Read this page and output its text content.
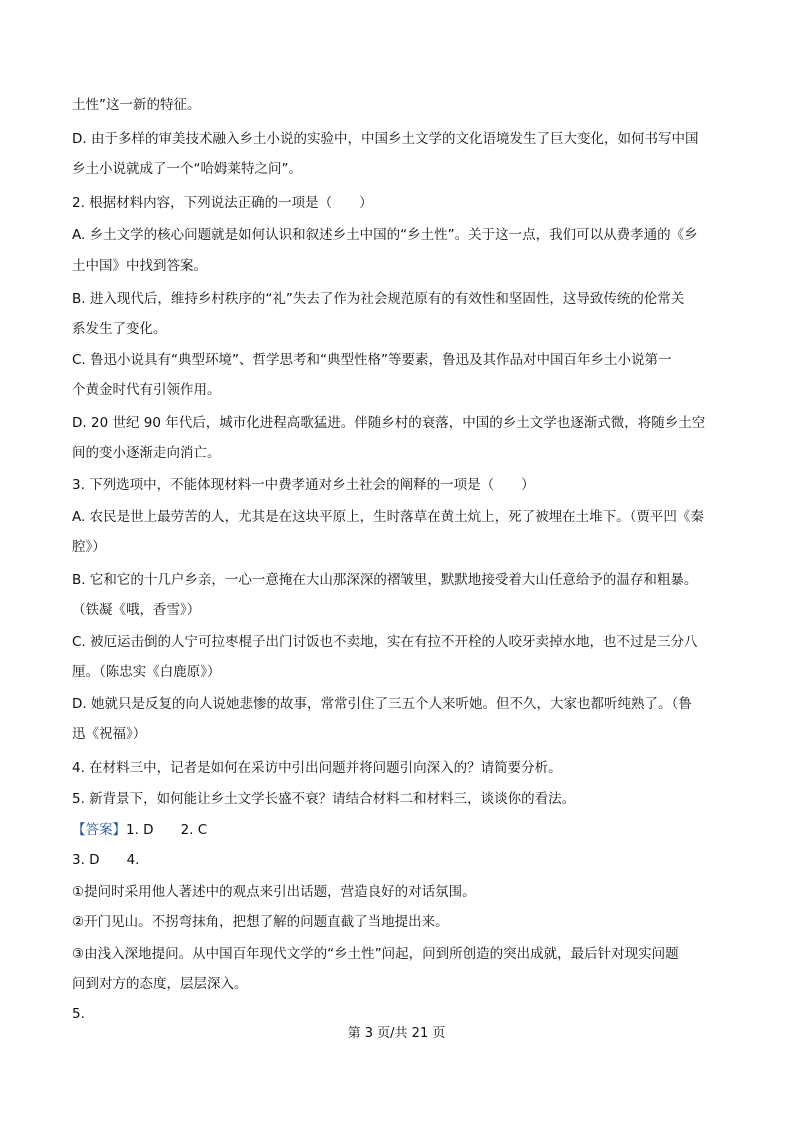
土性”这一新的特征。
D. 由于多样的审美技术融入乡土小说的实验中，中国乡土文学的文化语境发生了巨大变化，如何书写中国
乡土小说就成了一个“哈姆莱特之问”。
2. 根据材料内容，下列说法正确的一项是（　　）
A. 乡土文学的核心问题就是如何认识和叙述乡土中国的“乡土性”。关于这一点，我们可以从费孝通的《乡
土中国》中找到答案。
B. 进入现代后，维持乡村秩序的“礼”失去了作为社会规范原有的有效性和坚固性，这导致传统的伦常关
系发生了变化。
C. 鲁迅小说具有“典型环境”、哲学思考和“典型性格”等要素，鲁迅及其作品对中国百年乡土小说第一
个黄金时代有引领作用。
D. 20 世纪 90 年代后，城市化进程高歌猛进。伴随乡村的衰落，中国的乡土文学也逐渐式微，将随乡土空
间的变小逐渐走向消亡。
3. 下列选项中，不能体现材料一中费孝通对乡土社会的阐释的一项是（　　）
A. 农民是世上最劳苦的人，尤其是在这块平原上，生时落草在黄土炕上，死了被埋在土堆下。（贾平凹《秦
腔》）
B. 它和它的十几户乡亲，一心一意掩在大山那深深的褶皱里，默默地接受着大山任意给予的温存和粗暴。
（铁凝《哦，香雪》）
C. 被厄运击倒的人宁可拉枣棍子出门讨饭也不卖地，实在有拉不开栓的人咬牙卖掉水地，也不过是三分八
厘。（陈忠实《白鹿原》）
D. 她就只是反复的向人说她悲惨的故事，常常引住了三五个人来听她。但不久，大家也都听纯熟了。（鲁
迅《祝福》）
4. 在材料三中，记者是如何在采访中引出问题并将问题引向深入的？请简要分析。
5. 新背景下，如何能让乡土文学长盛不衰？请结合材料二和材料三，谈谈你的看法。
【答案】1. D　　2. C
3. D　　4.
①提问时采用他人著述中的观点来引出话题，营造良好的对话氛围。
②开门见山。不拐弯抹角，把想了解的问题直截了当地提出来。
③由浅入深地提问。从中国百年现代文学的“乡土性”问起，问到所创造的突出成就，最后针对现实问题
问到对方的态度，层层深入。
5.
第 3 页/共 21 页
